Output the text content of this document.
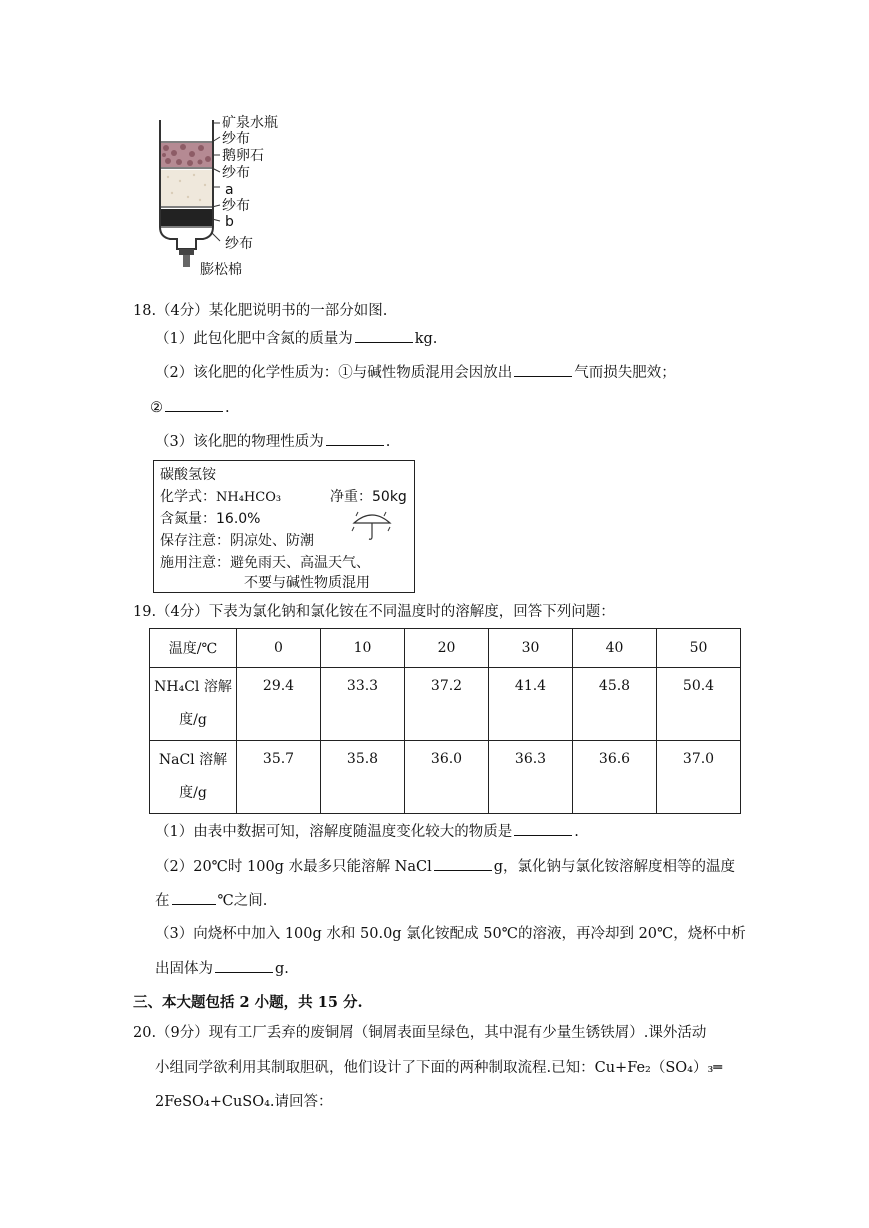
矿泉水瓶
纱布
鹅卵石
纱布
a
纱布
b
纱布
膨松棉
18.（4分）某化肥说明书的一部分如图.
（1）此包化肥中含氮的质量为	kg.
（2）该化肥的化学性质为：①与碱性物质混用会因放出	气而损失肥效；
②	.
（3）该化肥的物理性质为	.
碳酸氢铵
化学式：NH₄HCO₃	净重：50kg
含氮量：16.0%
保存注意：阴凉处、防潮
施用注意：避免雨天、高温天气、
不要与碱性物质混用
19.（4分）下表为氯化钠和氯化铵在不同温度时的溶解度，回答下列问题：
温度/℃	0	10	20	30	40	50
NH₄Cl 溶解
度/g	29.4	33.3	37.2	41.4	45.8	50.4
NaCl 溶解
度/g	35.7	35.8	36.0	36.3	36.6	37.0
（1）由表中数据可知，溶解度随温度变化较大的物质是	.
（2）20℃时 100g 水最多只能溶解 NaCl	g，氯化钠与氯化铵溶解度相等的温度
在	℃之间.
（3）向烧杯中加入 100g 水和 50.0g 氯化铵配成 50℃的溶液，再冷却到 20℃，烧杯中析
出固体为	g.
三、本大题包括 2 小题，共 15 分.
20.（9分）现有工厂丢弃的废铜屑（铜屑表面呈绿色，其中混有少量生锈铁屑）.课外活动
小组同学欲利用其制取胆矾，他们设计了下面的两种制取流程.已知：Cu+Fe₂（SO₄）₃═
2FeSO₄+CuSO₄.请回答：
